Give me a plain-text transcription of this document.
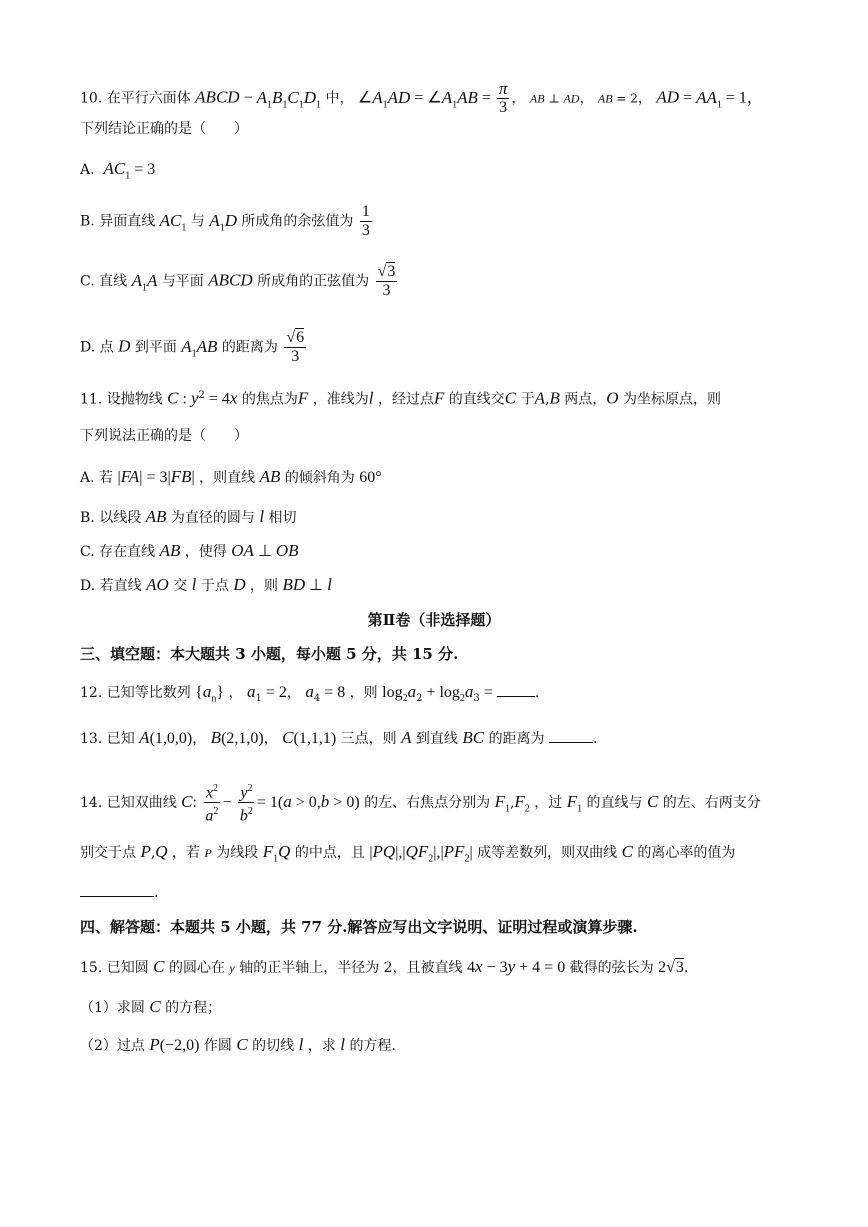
10. 在平行六面体 ABCD − $A_1B_1C_1D_1$ 中， $\angle A_1AD$ = $\angle A_1AB = \frac{\pi}{3}$ ， AB ⊥ AD， AB = 2， AD = $AA_1 = 1$，
下列结论正确的是（　　）
A. $AC_1 = 3$
B. 异面直线 $AC_1$ 与 $A_1D$ 所成角的余弦值为 $\frac{1}{3}$
C. 直线 $A_1A$ 与平面 ABCD 所成角的正弦值为 $\frac{√3}{3}$
D. 点 D 到平面 $A_1AB$ 的距离为 $\frac{√6}{3}$
11. 设抛物线 C : $y^2 = 4x$ 的焦点为F ，准线为l ，经过点F 的直线交C 于A,B 两点，O 为坐标原点，则
下列说法正确的是（　　）
A. 若 |FA| = 3|FB| ，则直线 AB 的倾斜角为 60°
B. 以线段 AB 为直径的圆与 l 相切
C. 存在直线 AB ，使得 OA ⊥ OB
D. 若直线 AO 交 l 于点 D ，则 BD ⊥ l
第Ⅱ卷（非选择题）
三、填空题：本大题共 3 小题，每小题 5 分，共 15 分.
12. 已知等比数列 $\{a_n\}$ ， $a_1 = 2$， $a_4 = 8$ ，则 $\log_2a_2 + \log_2a_3$ =	.
13. 已知 A(1,0,0)， B(2,1,0)， C(1,1,1) 三点，则 A 到直线 BC 的距离为	.
14. 已知双曲线 C: $\frac{x^2}{a^2} - \frac{y^2}{b^2} = 1(a > 0,b > 0)$ 的左、右焦点分别为 $F_1,F_2$ ，过 $F_1$ 的直线与 C 的左、右两支分
别交于点 P,Q ，若 P 为线段 $F_1Q$ 的中点，且 $|PQ|,|QF_2|,|PF_2|$ 成等差数列，则双曲线 C 的离心率的值为
.
四、解答题：本题共 5 小题，共 77 分.解答应写出文字说明、证明过程或演算步骤.
15. 已知圆 C 的圆心在 y 轴的正半轴上，半径为 2，且被直线 4x − 3y + 4 = 0 截得的弦长为 2√3.
（1）求圆 C 的方程；
（2）过点 P(−2,0) 作圆 C 的切线 l ，求 l 的方程.
